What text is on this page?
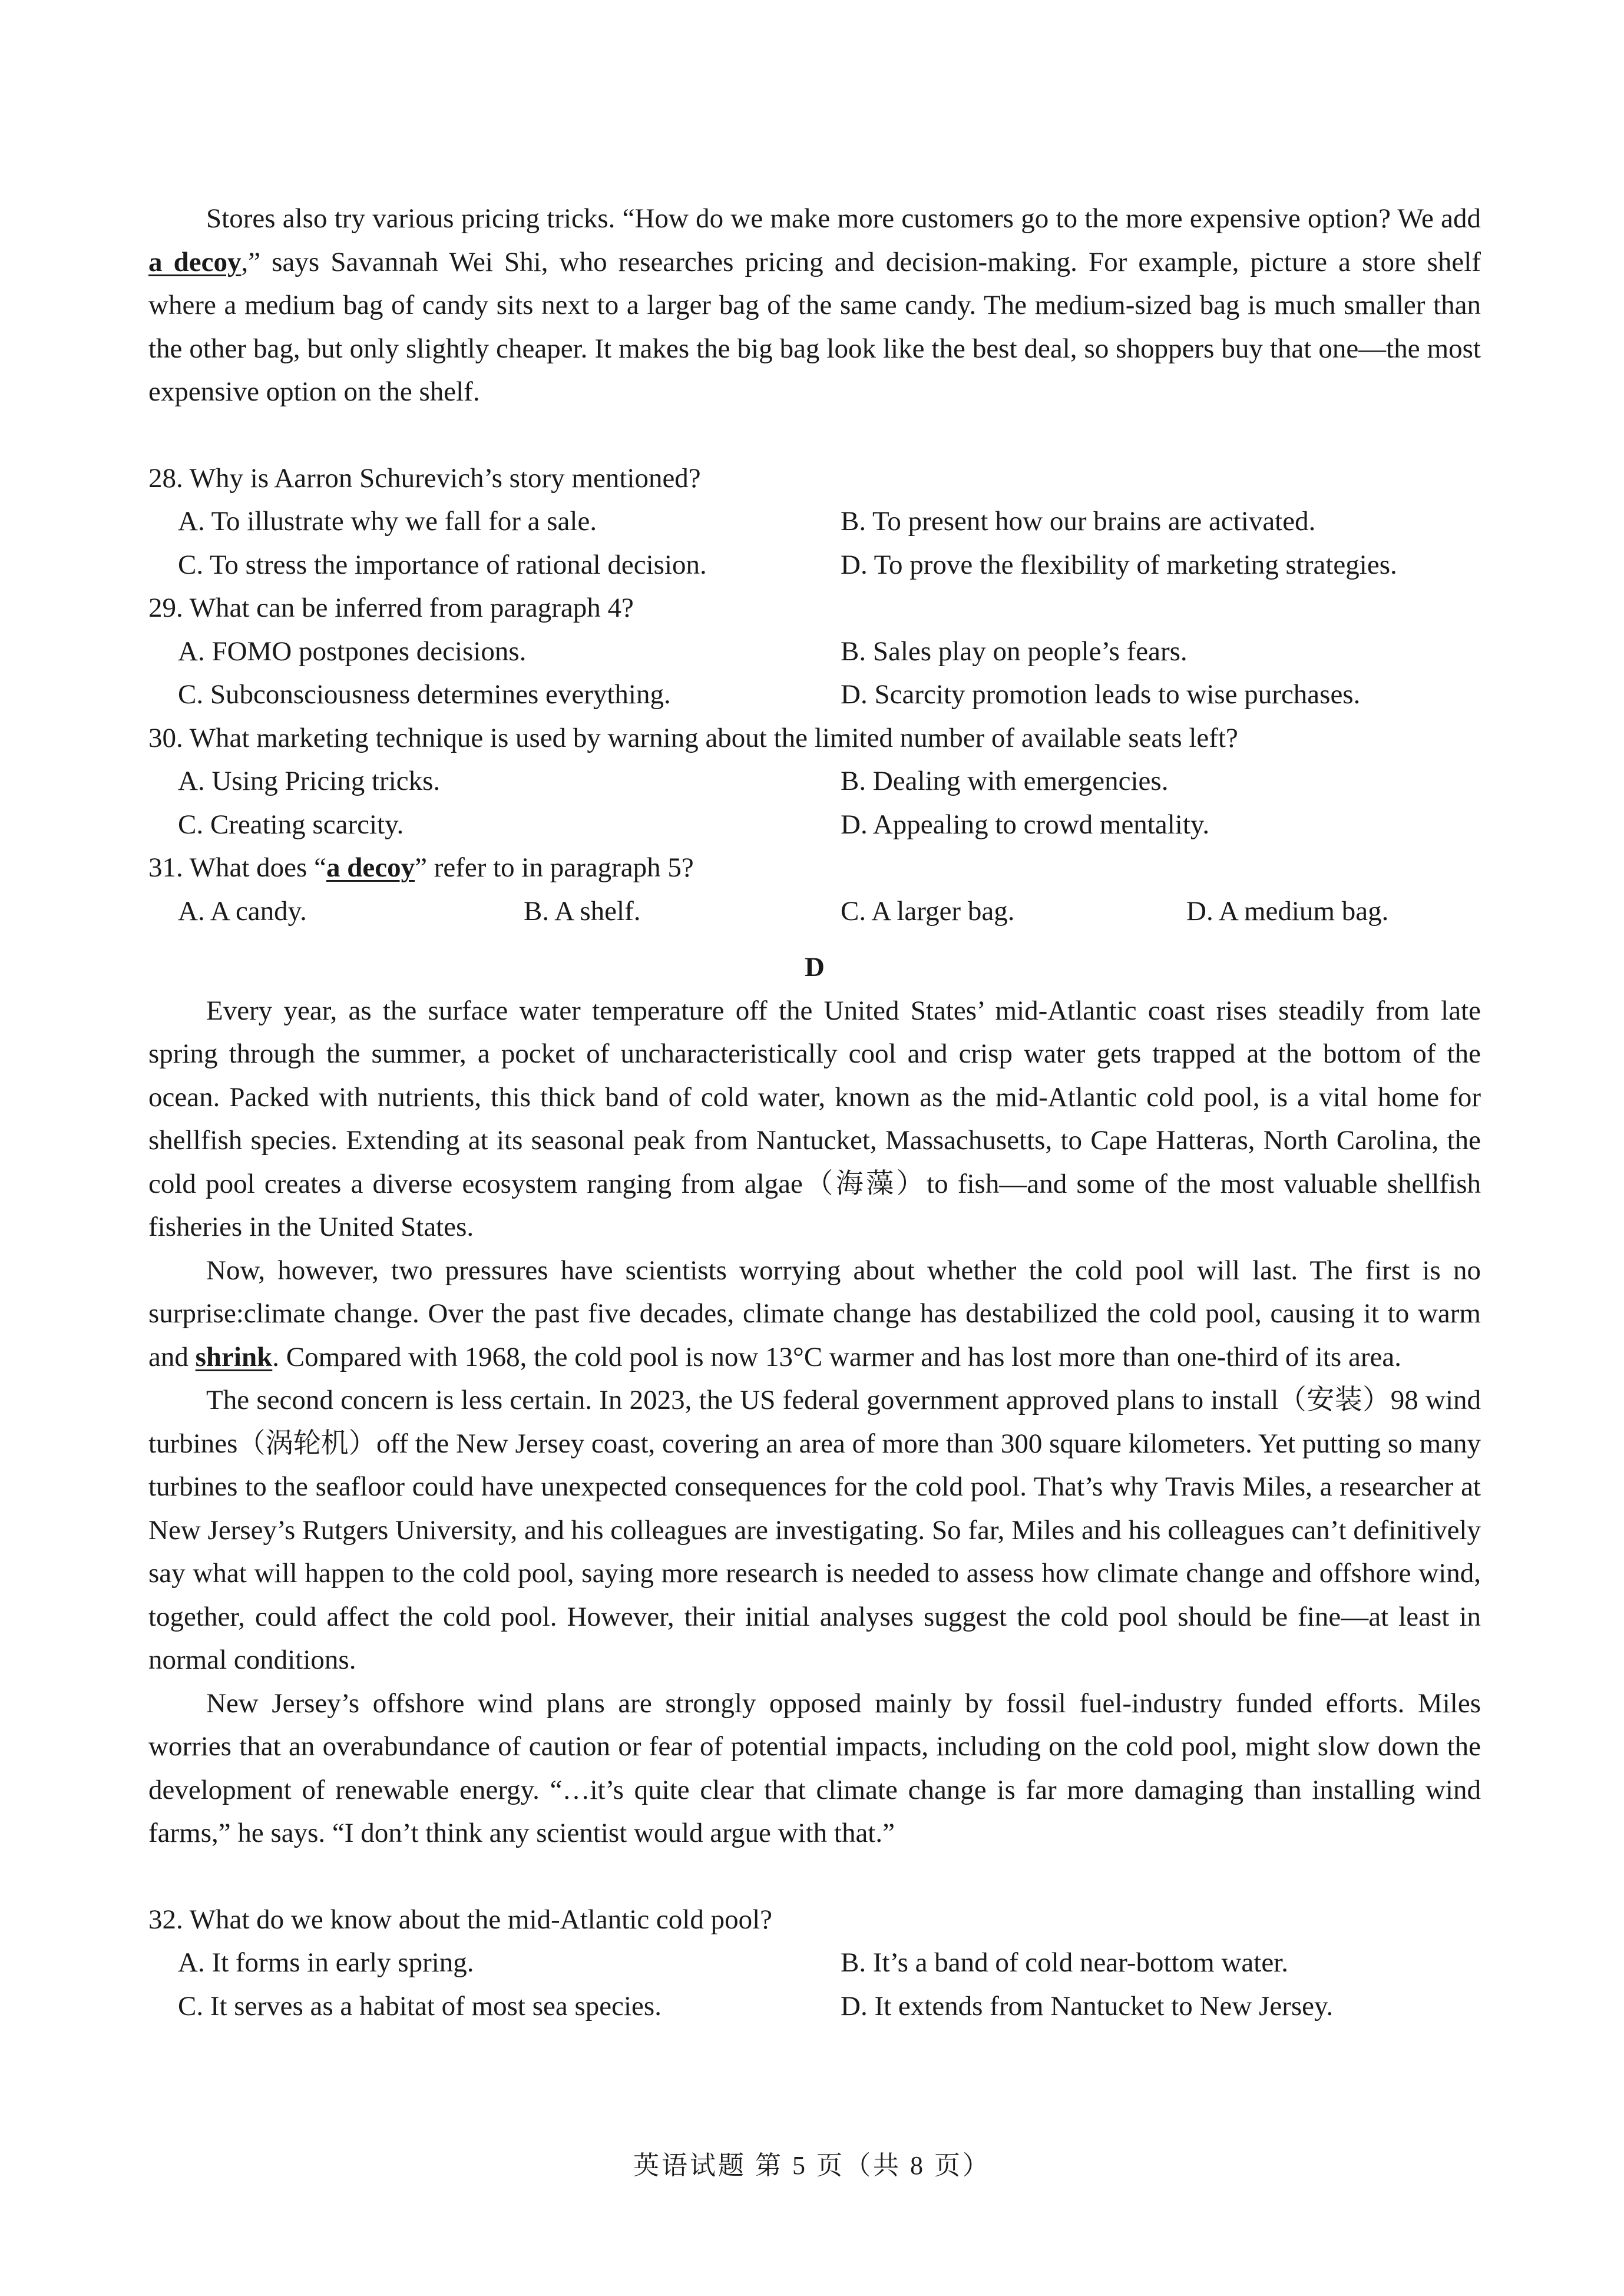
Stores also try various pricing tricks. “How do we make more customers go to the more expensive option? We add a decoy,” says Savannah Wei Shi, who researches pricing and decision-making. For example, picture a store shelf where a medium bag of candy sits next to a larger bag of the same candy. The medium-sized bag is much smaller than the other bag, but only slightly cheaper. It makes the big bag look like the best deal, so shoppers buy that one—the most expensive option on the shelf.

28. Why is Aarron Schurevich’s story mentioned?

A. To illustrate why we fall for a sale.	B. To present how our brains are activated.
C. To stress the importance of rational decision.	D. To prove the flexibility of marketing strategies.

29. What can be inferred from paragraph 4?

A. FOMO postpones decisions.	B. Sales play on people’s fears.
C. Subconsciousness determines everything.	D. Scarcity promotion leads to wise purchases.

30. What marketing technique is used by warning about the limited number of available seats left?

A. Using Pricing tricks.	B. Dealing with emergencies.
C. Creating scarcity.	D. Appealing to crowd mentality.

31. What does “a decoy” refer to in paragraph 5?

A. A candy.	B. A shelf.	C. A larger bag.	D. A medium bag.

D

Every year, as the surface water temperature off the United States’ mid-Atlantic coast rises steadily from late spring through the summer, a pocket of uncharacteristically cool and crisp water gets trapped at the bottom of the ocean. Packed with nutrients, this thick band of cold water, known as the mid-Atlantic cold pool, is a vital home for shellfish species. Extending at its seasonal peak from Nantucket, Massachusetts, to Cape Hatteras, North Carolina, the cold pool creates a diverse ecosystem ranging from algae（海藻）to fish—and some of the most valuable shellfish fisheries in the United States.

Now, however, two pressures have scientists worrying about whether the cold pool will last. The first is no surprise:climate change. Over the past five decades, climate change has destabilized the cold pool, causing it to warm and shrink. Compared with 1968, the cold pool is now 13°C warmer and has lost more than one-third of its area.

The second concern is less certain. In 2023, the US federal government approved plans to install（安装）98 wind turbines（涡轮机）off the New Jersey coast, covering an area of more than 300 square kilometers. Yet putting so many turbines to the seafloor could have unexpected consequences for the cold pool. That’s why Travis Miles, a researcher at New Jersey’s Rutgers University, and his colleagues are investigating. So far, Miles and his colleagues can’t definitively say what will happen to the cold pool, saying more research is needed to assess how climate change and offshore wind, together, could affect the cold pool. However, their initial analyses suggest the cold pool should be fine—at least in normal conditions.

New Jersey’s offshore wind plans are strongly opposed mainly by fossil fuel-industry funded efforts. Miles worries that an overabundance of caution or fear of potential impacts, including on the cold pool, might slow down the development of renewable energy. “…it’s quite clear that climate change is far more damaging than installing wind farms,” he says. “I don’t think any scientist would argue with that.”

32. What do we know about the mid-Atlantic cold pool?

A. It forms in early spring.	B. It’s a band of cold near-bottom water.
C. It serves as a habitat of most sea species.	D. It extends from Nantucket to New Jersey.
英语试题 第 5 页（共 8 页）
